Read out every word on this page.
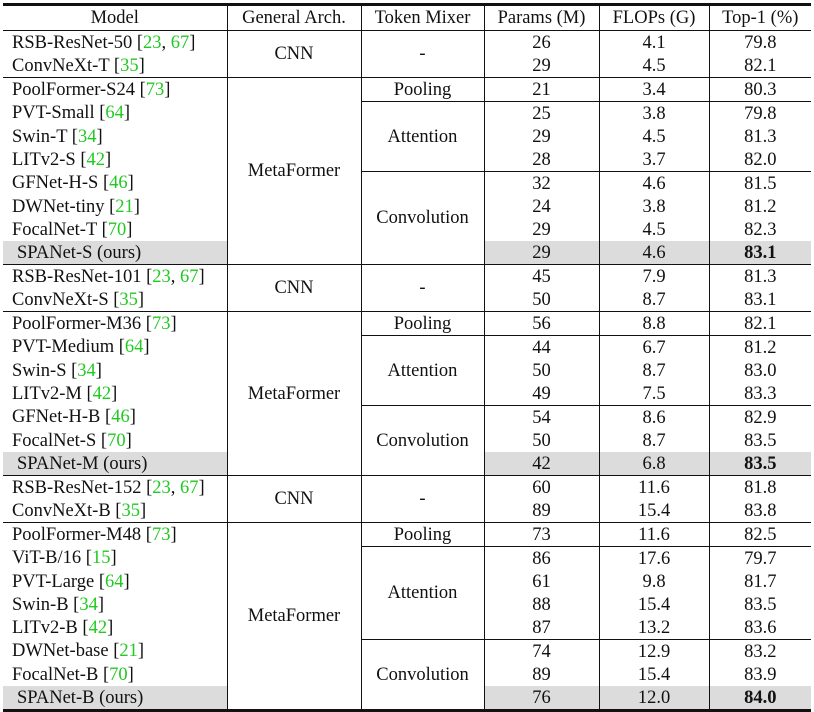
Model	General Arch.	Token Mixer	Params (M)	FLOPs (G)	Top-1 (%)
RSB-ResNet-50 [23, 67]	CNN	-	26	4.1	79.8
ConvNeXt-T [35]			29	4.5	82.1
PoolFormer-S24 [73]	MetaFormer	Pooling	21	3.4	80.3
PVT-Small [64]		Attention	25	3.8	79.8
Swin-T [34]			29	4.5	81.3
LITv2-S [42]			28	3.7	82.0
GFNet-H-S [46]		Convolution	32	4.6	81.5
DWNet-tiny [21]			24	3.8	81.2
FocalNet-T [70]			29	4.5	82.3
SPANet-S (ours)			29	4.6	83.1
RSB-ResNet-101 [23, 67]	CNN	-	45	7.9	81.3
ConvNeXt-S [35]			50	8.7	83.1
PoolFormer-M36 [73]	MetaFormer	Pooling	56	8.8	82.1
PVT-Medium [64]		Attention	44	6.7	81.2
Swin-S [34]			50	8.7	83.0
LITv2-M [42]			49	7.5	83.3
GFNet-H-B [46]		Convolution	54	8.6	82.9
FocalNet-S [70]			50	8.7	83.5
SPANet-M (ours)			42	6.8	83.5
RSB-ResNet-152 [23, 67]	CNN	-	60	11.6	81.8
ConvNeXt-B [35]			89	15.4	83.8
PoolFormer-M48 [73]	MetaFormer	Pooling	73	11.6	82.5
ViT-B/16 [15]		Attention	86	17.6	79.7
PVT-Large [64]			61	9.8	81.7
Swin-B [34]			88	15.4	83.5
LITv2-B [42]			87	13.2	83.6
DWNet-base [21]		Convolution	74	12.9	83.2
FocalNet-B [70]			89	15.4	83.9
SPANet-B (ours)			76	12.0	84.0
